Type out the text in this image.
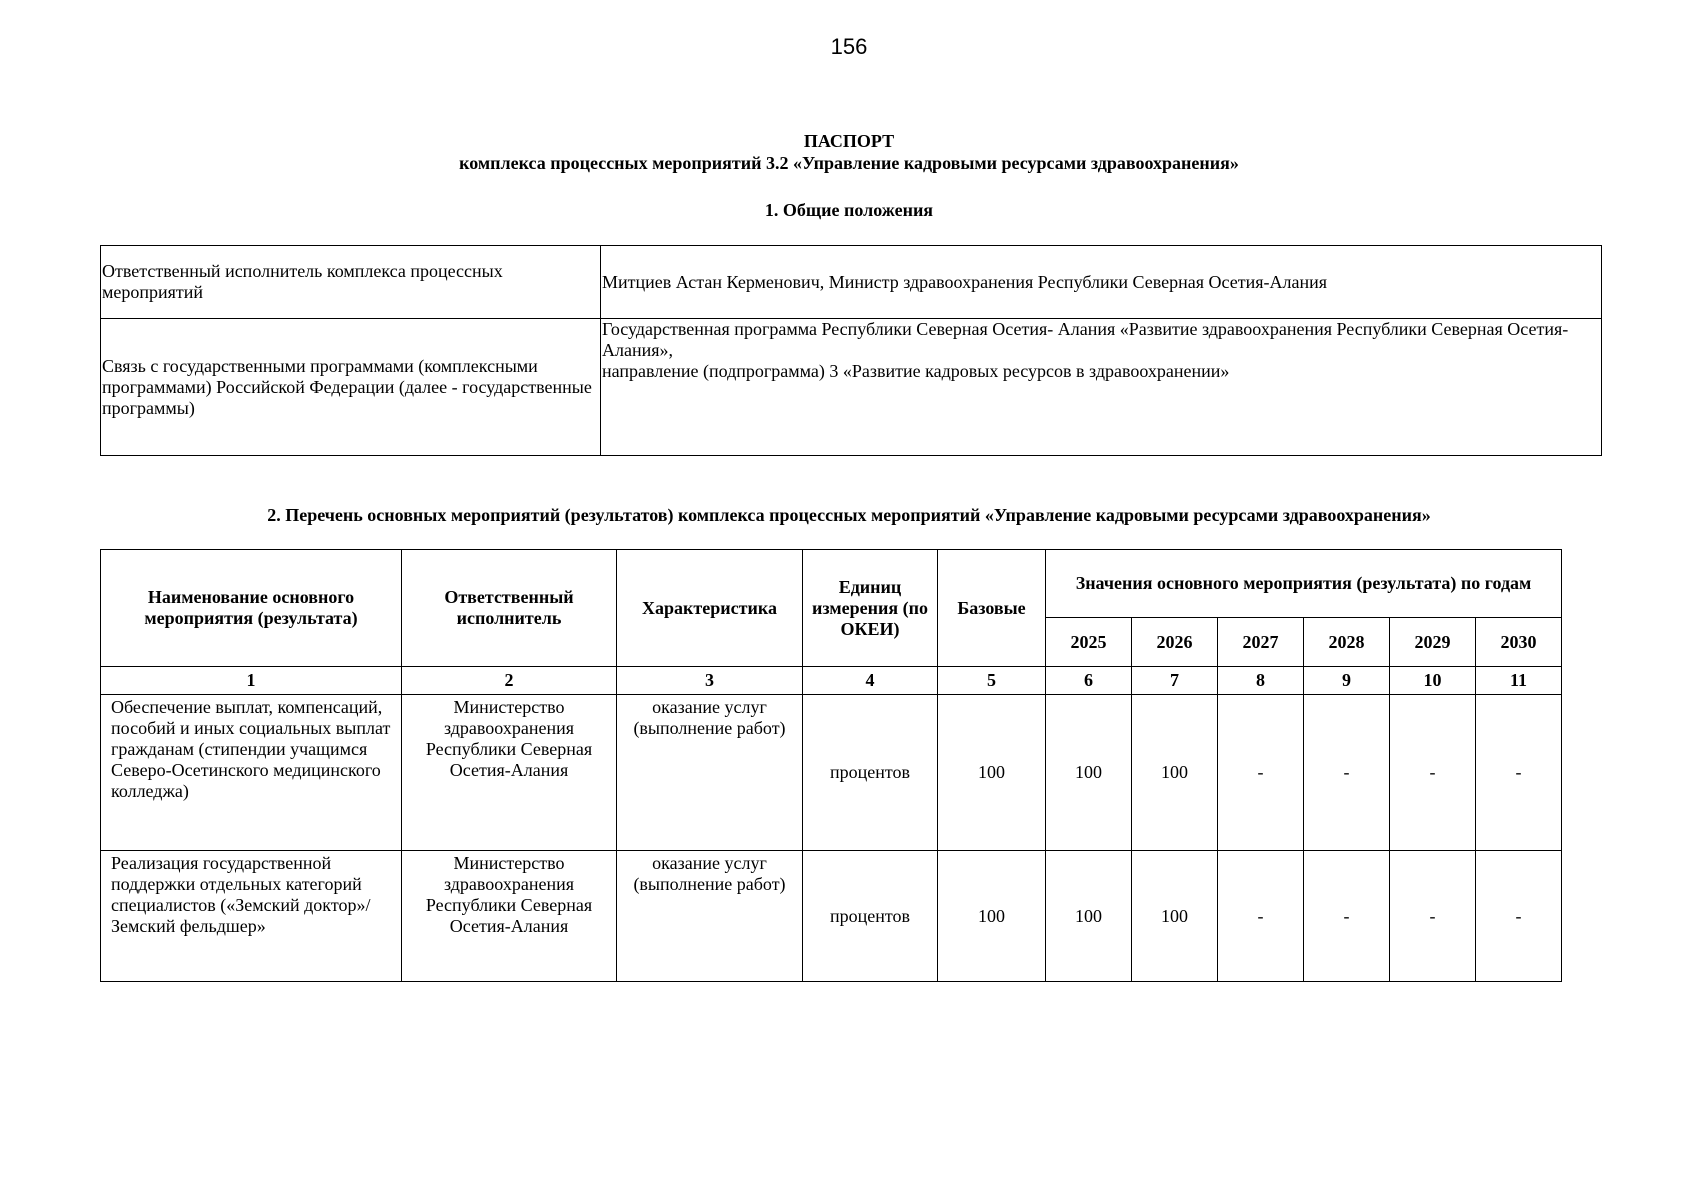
156
ПАСПОРТ
комплекса процессных мероприятий 3.2 «Управление кадровыми ресурсами здравоохранения»
1. Общие положения
Ответственный исполнитель комплекса процессных мероприятий	Митциев Астан Керменович, Министр здравоохранения Республики Северная Осетия-Алания
Связь с государственными программами (комплексными программами) Российской Федерации (далее - государственные программы)	Государственная программа Республики Северная Осетия- Алания «Развитие здравоохранения Республики Северная Осетия-Алания»,
направление (подпрограмма) 3 «Развитие кадровых ресурсов в здравоохранении»
2. Перечень основных мероприятий (результатов) комплекса процессных мероприятий «Управление кадровыми ресурсами здравоохранения»
Наименование основного мероприятия (результата)	Ответственный исполнитель	Характеристика	Единиц измерения (по ОКЕИ)	Базовые	Значения основного мероприятия (результата) по годам					
					2025	2026	2027	2028	2029	2030
1	2	3	4	5	6	7	8	9	10	11
Обеспечение выплат, компенсаций, пособий и иных социальных выплат гражданам (стипендии учащимся Северо-Осетинского медицинского колледжа)	Министерство здравоохранения Республики Северная Осетия-Алания	оказание услуг (выполнение работ)	процентов	100	100	100	-	-	-	-
Реализация государственной поддержки отдельных категорий специалистов («Земский доктор»/Земский фельдшер»	Министерство здравоохранения Республики Северная Осетия-Алания	оказание услуг (выполнение работ)	процентов	100	100	100	-	-	-	-
